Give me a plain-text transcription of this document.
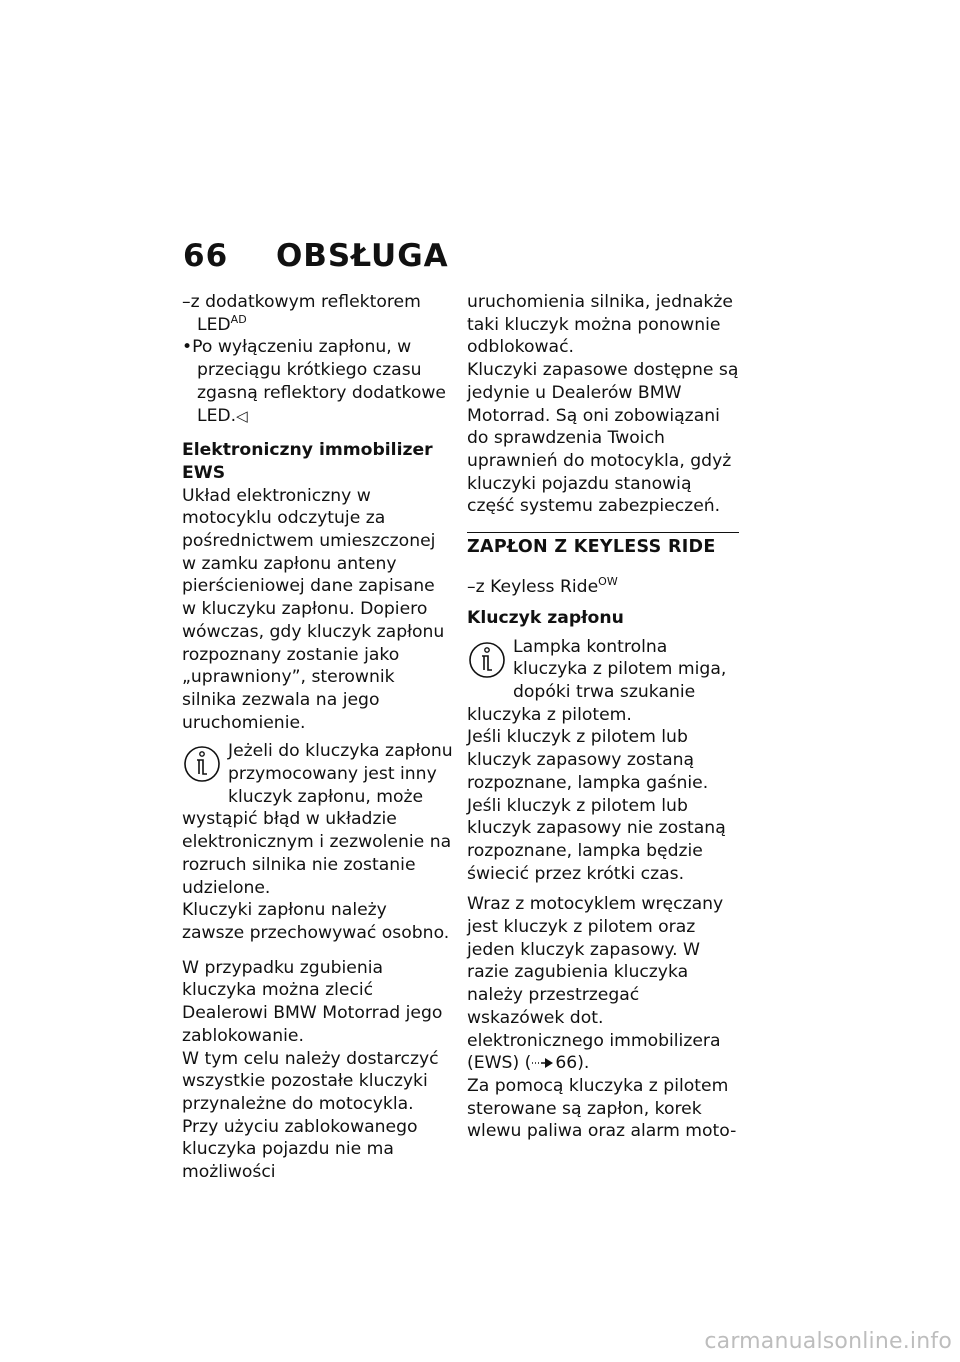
66 OBSŁUGA

–z dodatkowym reflektorem $LED^{AD}$

•Po wyłączeniu zapłonu, w przeciągu krótkiego czasu zgasną reflektory dodatkowe LED.◁

Elektroniczny immobilizer EWS

Układ elektroniczny w motocyklu odczytuje za pośrednictwem umieszczonej w zamku zapłonu anteny pierścieniowej dane zapisane w kluczyku zapłonu. Dopiero wówczas, gdy kluczyk zapłonu rozpoznany zostanie jako „uprawniony”, sterownik silnika zezwala na jego uruchomienie.

Jeżeli do kluczyka zapłonu przymocowany jest inny kluczyk zapłonu, może wystąpić błąd w układzie elektronicznym i zezwolenie na rozruch silnika nie zostanie udzielone.

Kluczyki zapłonu należy zawsze przechowywać osobno.

W przypadku zgubienia kluczyka można zlecić Dealerowi BMW Motorrad jego zablokowanie.

W tym celu należy dostarczyć wszystkie pozostałe kluczyki przynależne do motocykla. Przy użyciu zablokowanego kluczyka pojazdu nie ma możliwości

uruchomienia silnika, jednakże taki kluczyk można ponownie odblokować.

Kluczyki zapasowe dostępne są jedynie u Dealerów BMW Motorrad. Są oni zobowiązani do sprawdzenia Twoich uprawnień do motocykla, gdyż kluczyki pojazdu stanowią część systemu zabezpieczeń.

ZAPŁON Z KEYLESS RIDE

–z Keyless Ride$^{OW}$

Kluczyk zapłonu

Lampka kontrolna kluczyka z pilotem miga, dopóki trwa szukanie kluczyka z pilotem.

Jeśli kluczyk z pilotem lub kluczyk zapasowy zostaną rozpoznane, lampka gaśnie.

Jeśli kluczyk z pilotem lub kluczyk zapasowy nie zostaną rozpoznane, lampka będzie świecić przez krótki czas.

Wraz z motocyklem wręczany jest kluczyk z pilotem oraz jeden kluczyk zapasowy. W razie zagubienia kluczyka należy przestrzegać wskazówek dot. elektronicznego immobilizera (EWS) ( 66).

Za pomocą kluczyka z pilotem sterowane są zapłon, korek wlewu paliwa oraz alarm moto-

carmanualsonline.info
